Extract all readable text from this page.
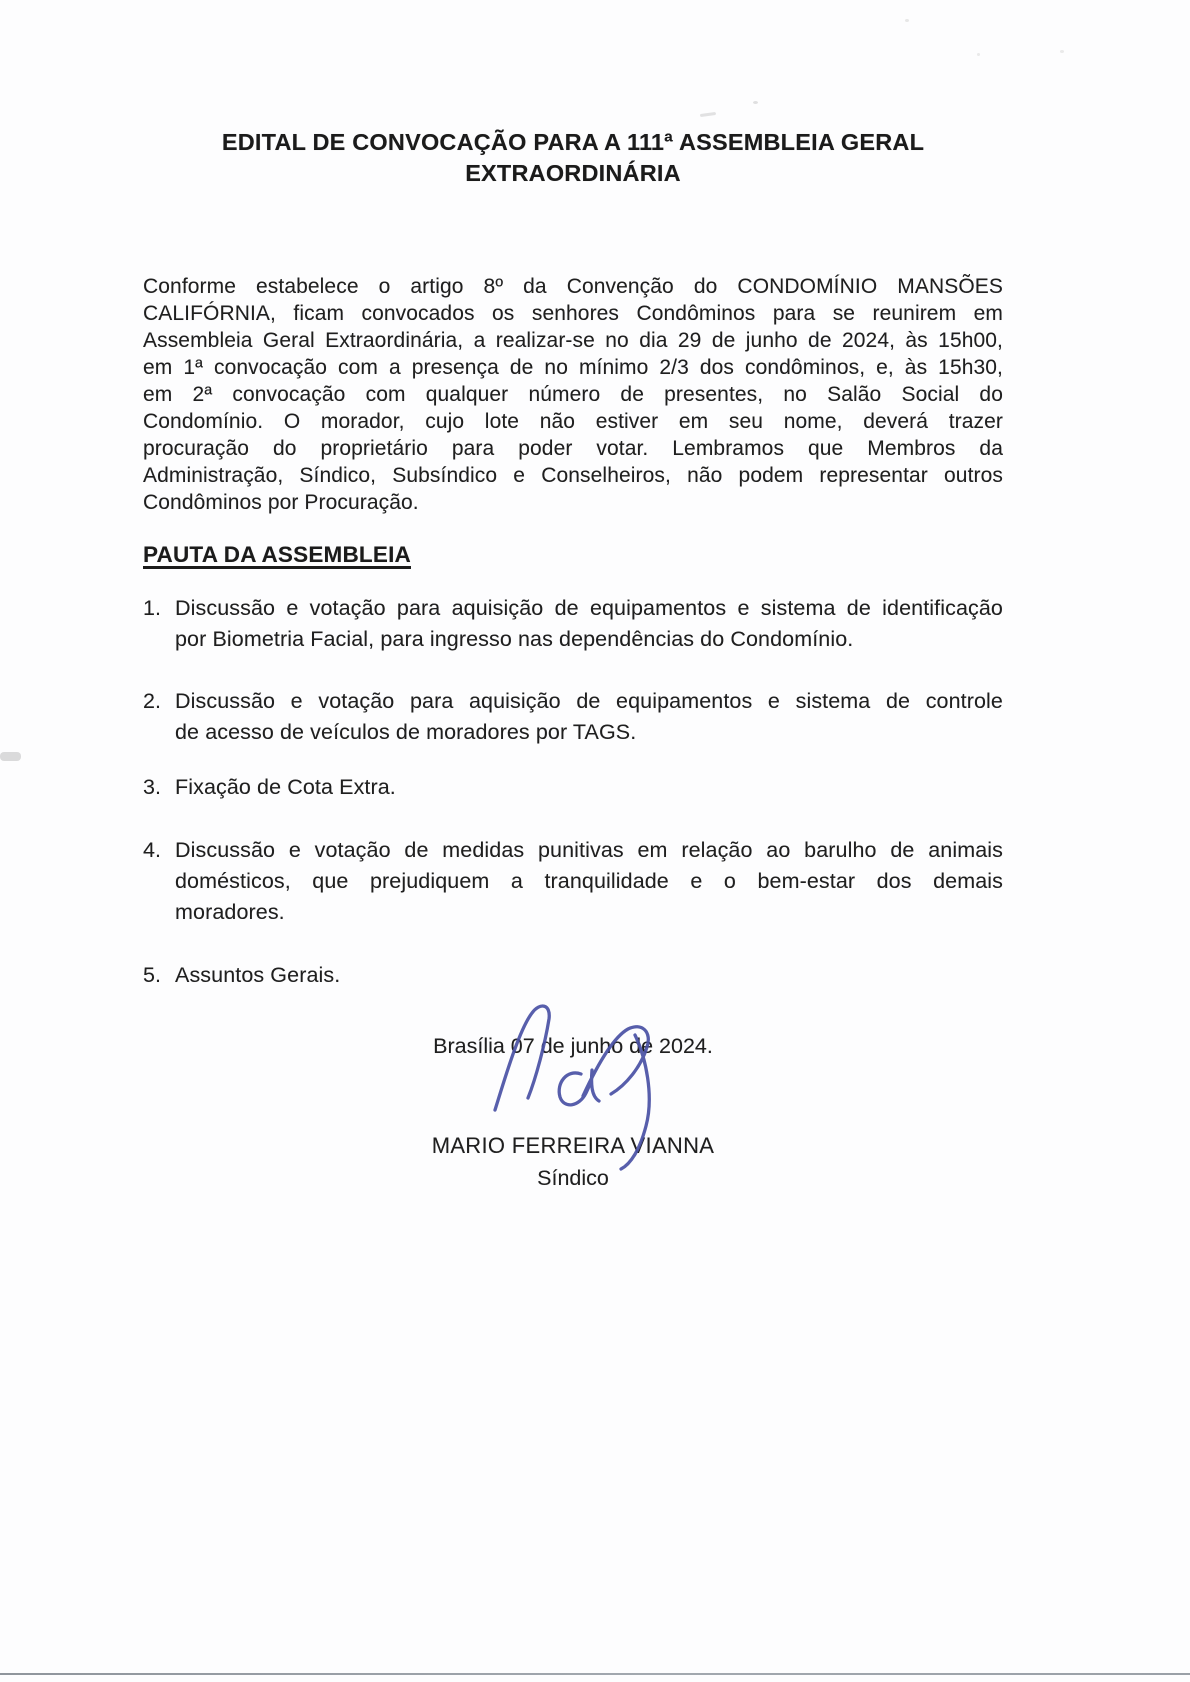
EDITAL DE CONVOCAÇÃO PARA A 111ª ASSEMBLEIA GERAL
EXTRAORDINÁRIA
Conforme estabelece o artigo 8º da Convenção do CONDOMÍNIO MANSÕES
CALIFÓRNIA, ficam convocados os senhores Condôminos para se reunirem em
Assembleia Geral Extraordinária, a realizar-se no dia 29 de junho de 2024, às 15h00,
em 1ª convocação com a presença de no mínimo 2/3 dos condôminos, e, às 15h30,
em 2ª convocação com qualquer número de presentes, no Salão Social do
Condomínio. O morador, cujo lote não estiver em seu nome, deverá trazer
procuração do proprietário para poder votar. Lembramos que Membros da
Administração, Síndico, Subsíndico e Conselheiros, não podem representar outros
Condôminos por Procuração.
PAUTA DA ASSEMBLEIA
1. Discussão e votação para aquisição de equipamentos e sistema de identificação
por Biometria Facial, para ingresso nas dependências do Condomínio.
2. Discussão e votação para aquisição de equipamentos e sistema de controle
de acesso de veículos de moradores por TAGS.
3. Fixação de Cota Extra.
4. Discussão e votação de medidas punitivas em relação ao barulho de animais
domésticos, que prejudiquem a tranquilidade e o bem-estar dos demais
moradores.
5. Assuntos Gerais.
Brasília 07 de junho de 2024.
MARIO FERREIRA VIANNA
Síndico
